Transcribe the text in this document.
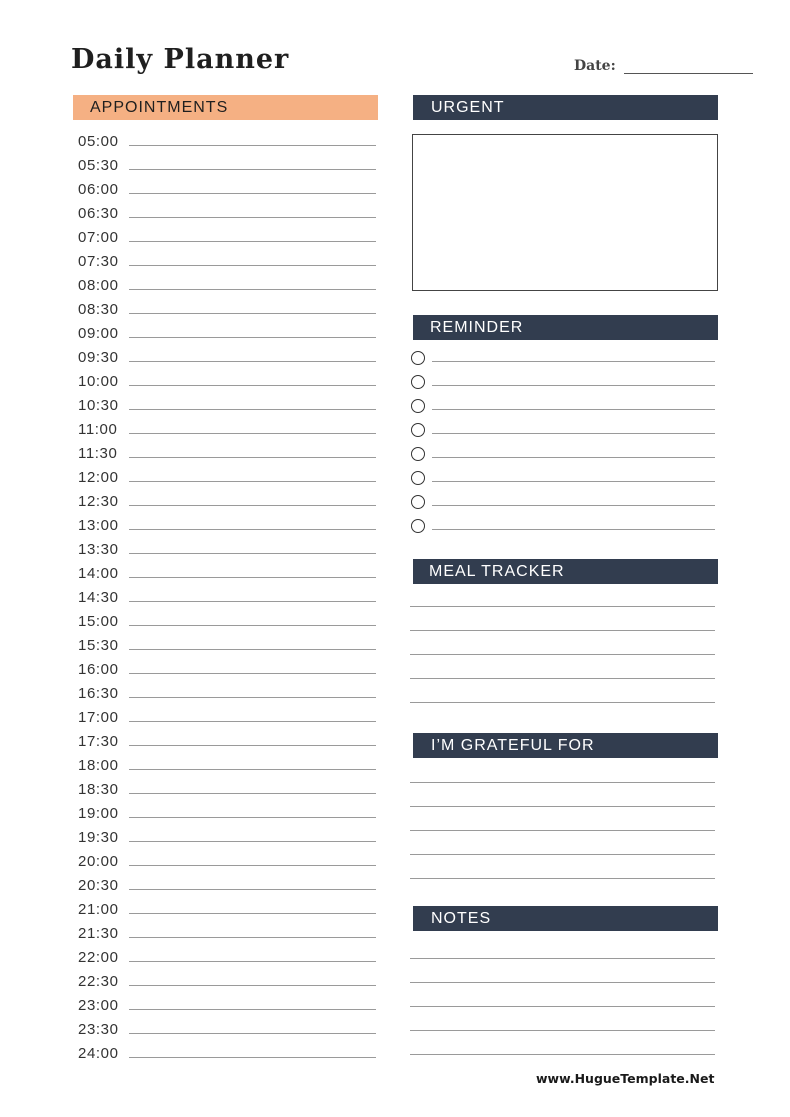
Daily Planner	Date:
APPOINTMENTS
05:00
05:30
06:00
06:30
07:00
07:30
08:00
08:30
09:00
09:30
10:00
10:30
11:00
11:30
12:00
12:30
13:00
13:30
14:00
14:30
15:00
15:30
16:00
16:30
17:00
17:30
18:00
18:30
19:00
19:30
20:00
20:30
21:00
21:30
22:00
22:30
23:00
23:30
24:00
URGENT
REMINDER
MEAL TRACKER
I’M GRATEFUL FOR
NOTES
www.HugueTemplate.Net
